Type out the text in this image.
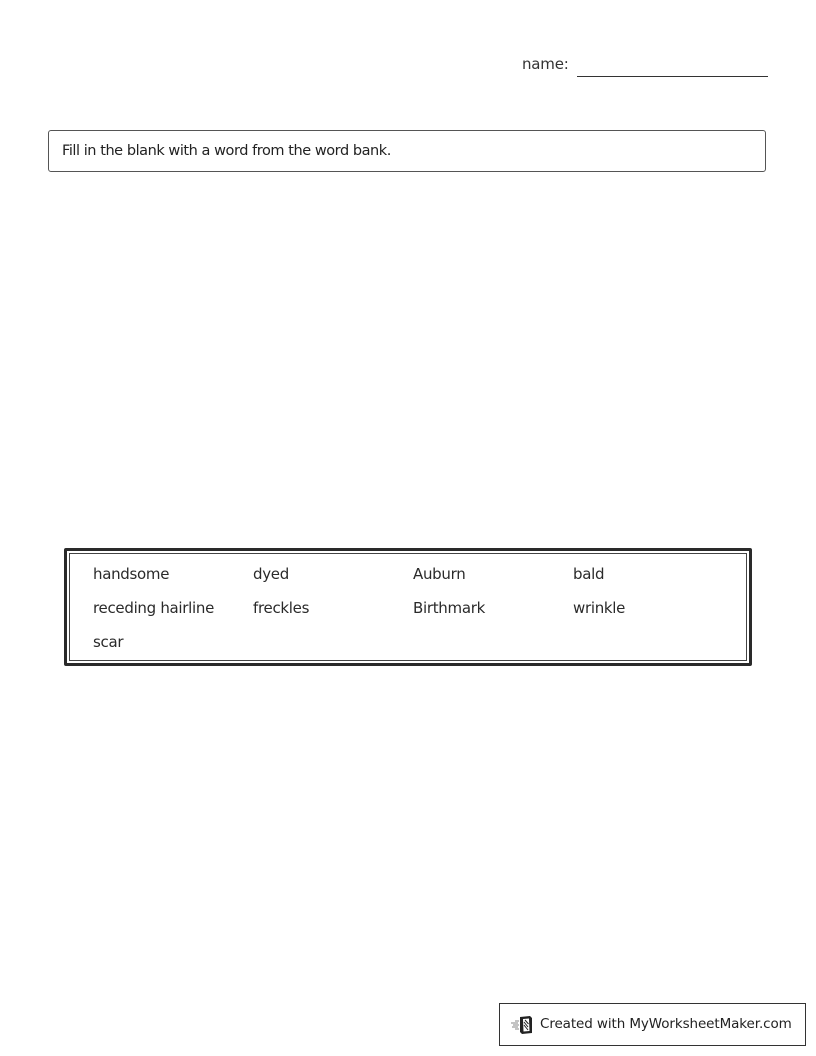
name:
Fill in the blank with a word from the word bank.
handsome	dyed	Auburn	bald
receding hairline	freckles	Birthmark	wrinkle
scar
Created with MyWorksheetMaker.com
